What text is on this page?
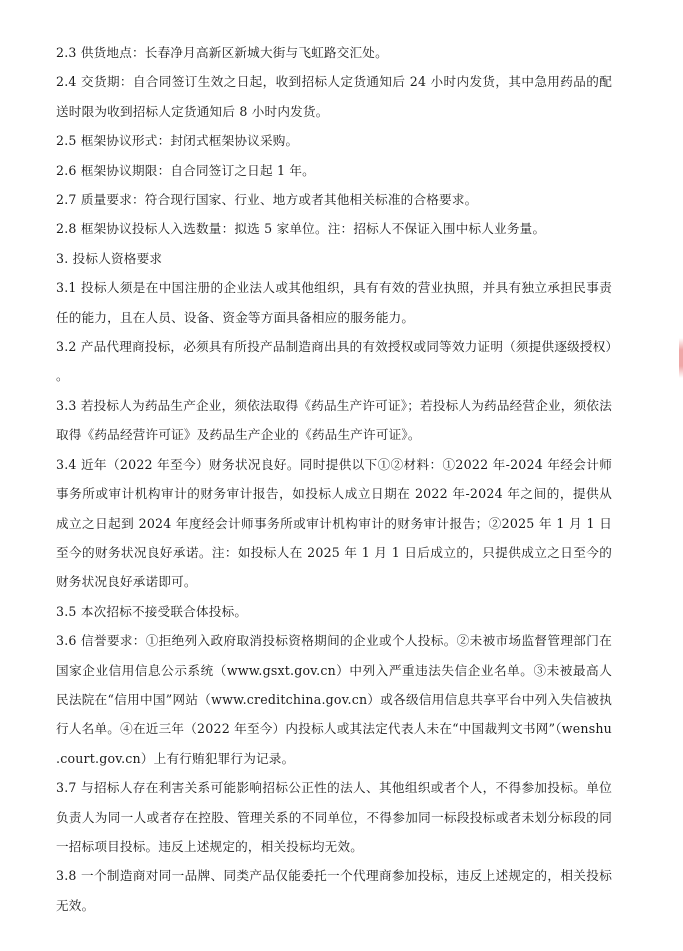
2.3 供货地点：长春净月高新区新城大街与飞虹路交汇处。

2.4 交货期：自合同签订生效之日起，收到招标人定货通知后 24 小时内发货，其中急用药品的配送时限为收到招标人定货通知后 8 小时内发货。

2.5 框架协议形式：封闭式框架协议采购。

2.6 框架协议期限：自合同签订之日起 1 年。

2.7 质量要求：符合现行国家、行业、地方或者其他相关标准的合格要求。

2.8 框架协议投标人入选数量：拟选 5 家单位。注：招标人不保证入围中标人业务量。

3. 投标人资格要求

3.1 投标人须是在中国注册的企业法人或其他组织，具有有效的营业执照，并具有独立承担民事责任的能力，且在人员、设备、资金等方面具备相应的服务能力。

3.2 产品代理商投标，必须具有所投产品制造商出具的有效授权或同等效力证明（须提供逐级授权）。

3.3 若投标人为药品生产企业，须依法取得《药品生产许可证》；若投标人为药品经营企业，须依法取得《药品经营许可证》及药品生产企业的《药品生产许可证》。

3.4 近年（2022 年至今）财务状况良好。同时提供以下①②材料：①2022 年-2024 年经会计师事务所或审计机构审计的财务审计报告，如投标人成立日期在 2022 年-2024 年之间的，提供从成立之日起到 2024 年度经会计师事务所或审计机构审计的财务审计报告；②2025 年 1 月 1 日至今的财务状况良好承诺。注：如投标人在 2025 年 1 月 1 日后成立的，只提供成立之日至今的财务状况良好承诺即可。

3.5 本次招标不接受联合体投标。

3.6 信誉要求：①拒绝列入政府取消投标资格期间的企业或个人投标。②未被市场监督管理部门在国家企业信用信息公示系统（www.gsxt.gov.cn）中列入严重违法失信企业名单。③未被最高人民法院在“信用中国”网站（www.creditchina.gov.cn）或各级信用信息共享平台中列入失信被执行人名单。④在近三年（2022 年至今）内投标人或其法定代表人未在“中国裁判文书网”（wenshu.court.gov.cn）上有行贿犯罪行为记录。

3.7 与招标人存在利害关系可能影响招标公正性的法人、其他组织或者个人，不得参加投标。单位负责人为同一人或者存在控股、管理关系的不同单位，不得参加同一标段投标或者未划分标段的同一招标项目投标。违反上述规定的，相关投标均无效。

3.8 一个制造商对同一品牌、同类产品仅能委托一个代理商参加投标，违反上述规定的，相关投标无效。
